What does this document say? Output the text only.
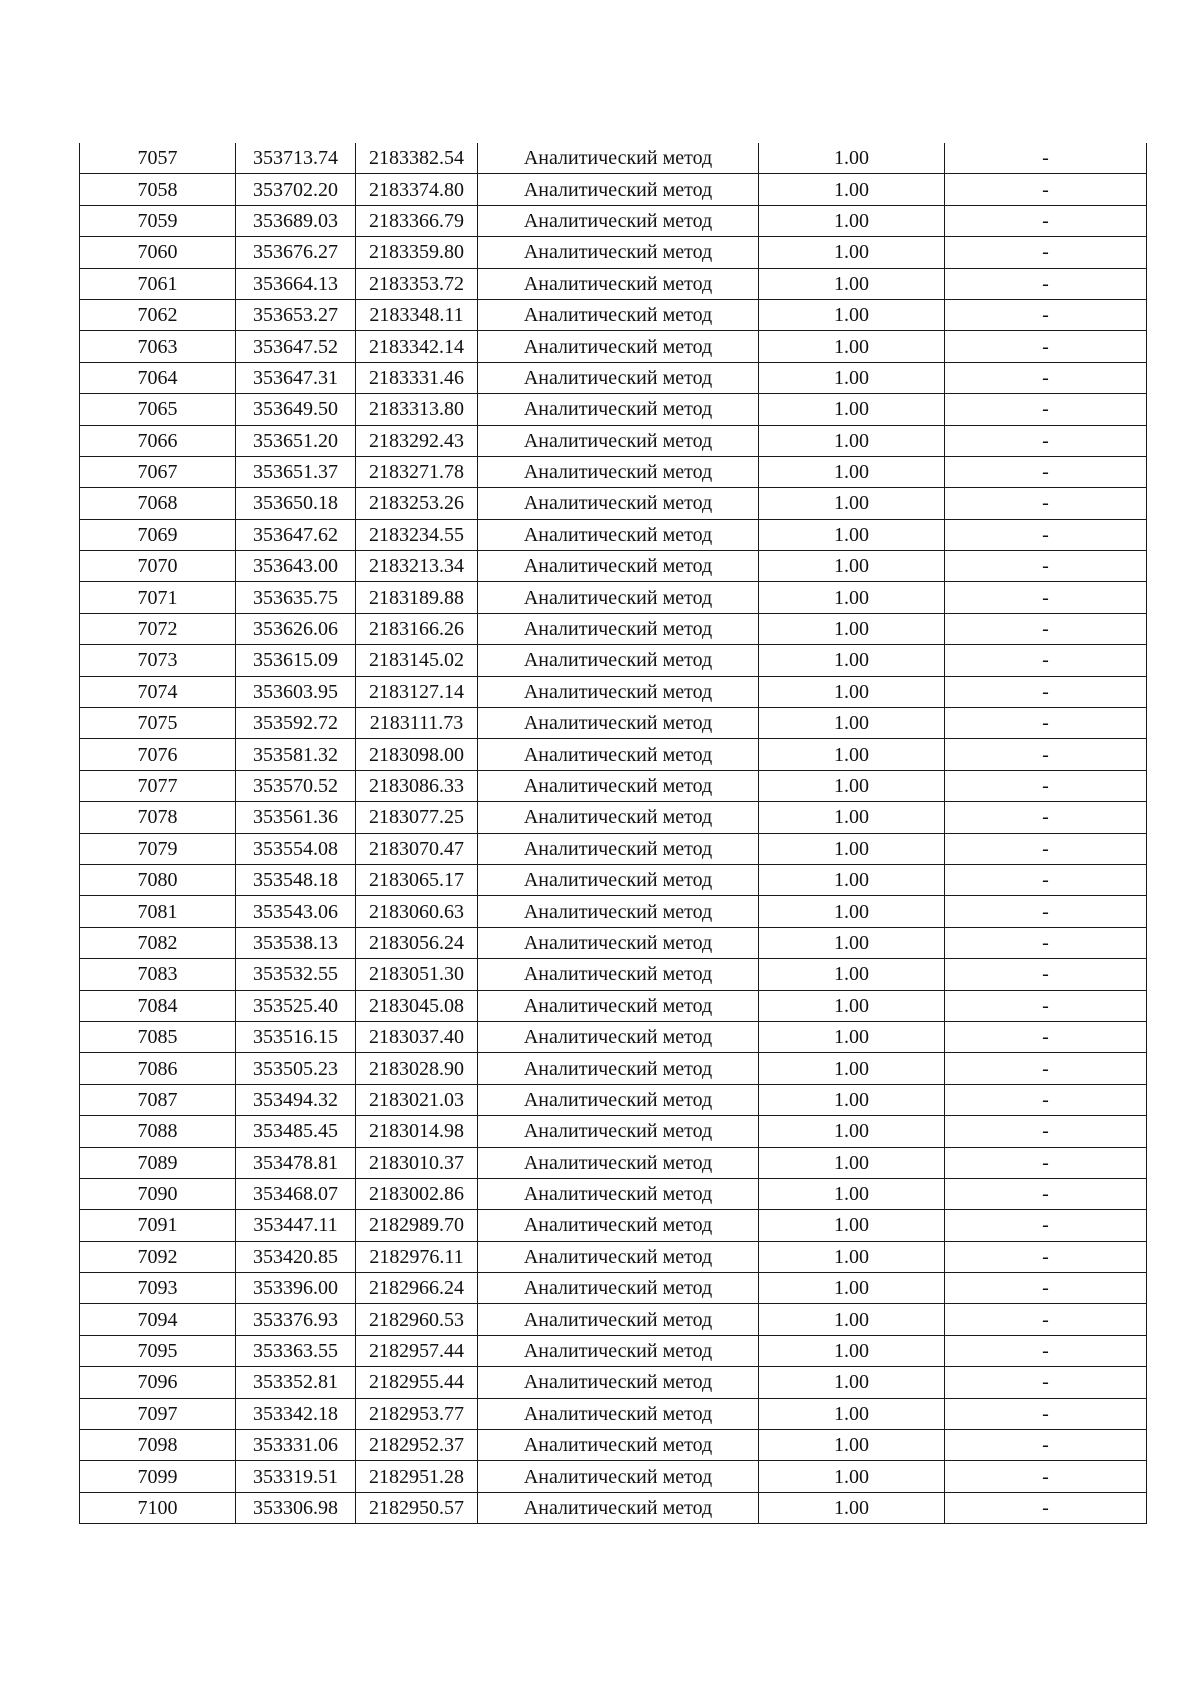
7057	353713.74	2183382.54	Аналитический метод	1.00	-
7058	353702.20	2183374.80	Аналитический метод	1.00	-
7059	353689.03	2183366.79	Аналитический метод	1.00	-
7060	353676.27	2183359.80	Аналитический метод	1.00	-
7061	353664.13	2183353.72	Аналитический метод	1.00	-
7062	353653.27	2183348.11	Аналитический метод	1.00	-
7063	353647.52	2183342.14	Аналитический метод	1.00	-
7064	353647.31	2183331.46	Аналитический метод	1.00	-
7065	353649.50	2183313.80	Аналитический метод	1.00	-
7066	353651.20	2183292.43	Аналитический метод	1.00	-
7067	353651.37	2183271.78	Аналитический метод	1.00	-
7068	353650.18	2183253.26	Аналитический метод	1.00	-
7069	353647.62	2183234.55	Аналитический метод	1.00	-
7070	353643.00	2183213.34	Аналитический метод	1.00	-
7071	353635.75	2183189.88	Аналитический метод	1.00	-
7072	353626.06	2183166.26	Аналитический метод	1.00	-
7073	353615.09	2183145.02	Аналитический метод	1.00	-
7074	353603.95	2183127.14	Аналитический метод	1.00	-
7075	353592.72	2183111.73	Аналитический метод	1.00	-
7076	353581.32	2183098.00	Аналитический метод	1.00	-
7077	353570.52	2183086.33	Аналитический метод	1.00	-
7078	353561.36	2183077.25	Аналитический метод	1.00	-
7079	353554.08	2183070.47	Аналитический метод	1.00	-
7080	353548.18	2183065.17	Аналитический метод	1.00	-
7081	353543.06	2183060.63	Аналитический метод	1.00	-
7082	353538.13	2183056.24	Аналитический метод	1.00	-
7083	353532.55	2183051.30	Аналитический метод	1.00	-
7084	353525.40	2183045.08	Аналитический метод	1.00	-
7085	353516.15	2183037.40	Аналитический метод	1.00	-
7086	353505.23	2183028.90	Аналитический метод	1.00	-
7087	353494.32	2183021.03	Аналитический метод	1.00	-
7088	353485.45	2183014.98	Аналитический метод	1.00	-
7089	353478.81	2183010.37	Аналитический метод	1.00	-
7090	353468.07	2183002.86	Аналитический метод	1.00	-
7091	353447.11	2182989.70	Аналитический метод	1.00	-
7092	353420.85	2182976.11	Аналитический метод	1.00	-
7093	353396.00	2182966.24	Аналитический метод	1.00	-
7094	353376.93	2182960.53	Аналитический метод	1.00	-
7095	353363.55	2182957.44	Аналитический метод	1.00	-
7096	353352.81	2182955.44	Аналитический метод	1.00	-
7097	353342.18	2182953.77	Аналитический метод	1.00	-
7098	353331.06	2182952.37	Аналитический метод	1.00	-
7099	353319.51	2182951.28	Аналитический метод	1.00	-
7100	353306.98	2182950.57	Аналитический метод	1.00	-
